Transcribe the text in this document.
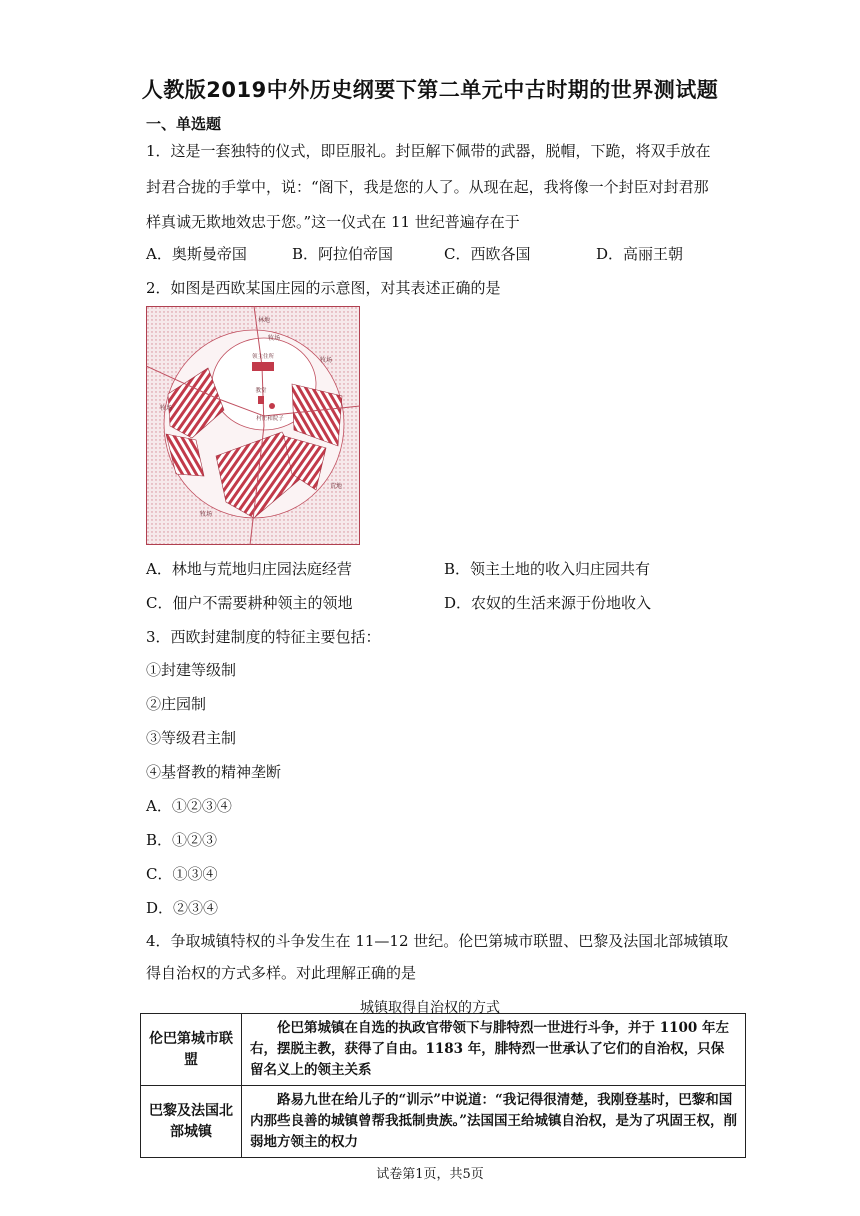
人教版2019中外历史纲要下第二单元中古时期的世界测试题
一、单选题
1．这是一套独特的仪式，即臣服礼。封臣解下佩带的武器，脱帽，下跪，将双手放在
封君合拢的手掌中，说：“阁下，我是您的人了。从现在起，我将像一个封臣对封君那
样真诚无欺地效忠于您。”这一仪式在 11 世纪普遍存在于
A．奥斯曼帝国	B．阿拉伯帝国	C．西欧各国	D．高丽王朝
2．如图是西欧某国庄园的示意图，对其表述正确的是
林地
牧场
牧场
牧场
荒地
领主住所
教堂
村庄和院子
牧场
A．林地与荒地归庄园法庭经营	B．领主土地的收入归庄园共有
C．佃户不需要耕种领主的领地	D．农奴的生活来源于份地收入
3．西欧封建制度的特征主要包括：
①封建等级制
②庄园制
③等级君主制
④基督教的精神垄断
A．①②③④
B．①②③
C．①③④
D．②③④
4．争取城镇特权的斗争发生在 11—12 世纪。伦巴第城市联盟、巴黎及法国北部城镇取
得自治权的方式多样。对此理解正确的是
城镇取得自治权的方式
伦巴第城市联盟	伦巴第城镇在自选的执政官带领下与腓特烈一世进行斗争，并于 1100 年左右，摆脱主教，获得了自由。1183 年，腓特烈一世承认了它们的自治权，只保留名义上的领主关系
巴黎及法国北部城镇	路易九世在给儿子的“训示”中说道：“我记得很清楚，我刚登基时，巴黎和国内那些良善的城镇曾帮我抵制贵族。”法国国王给城镇自治权，是为了巩固王权，削弱地方领主的权力
试卷第1页，共5页
